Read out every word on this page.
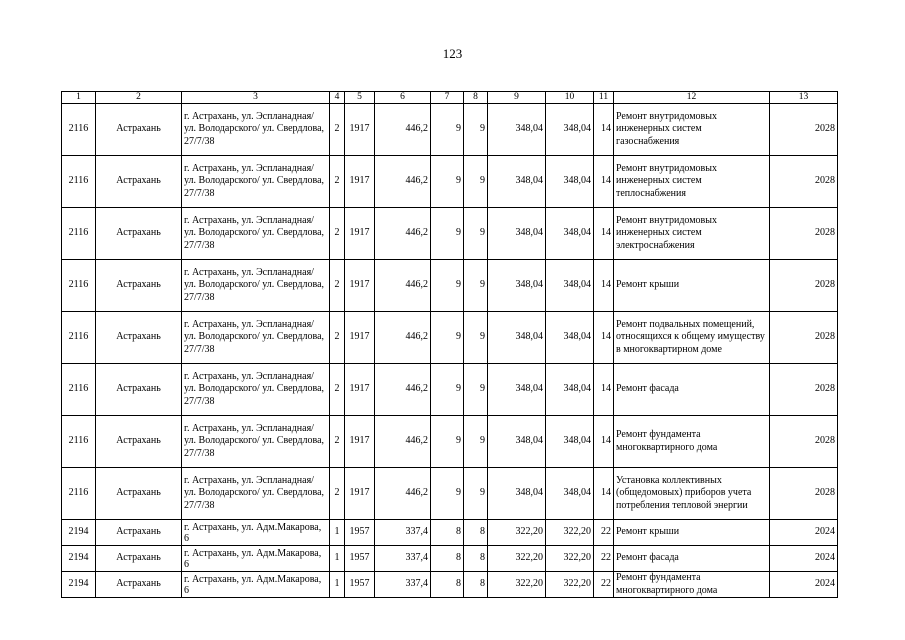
123
1	2	3	4	5	6	7	8	9	10	11	12	13
2116	Астрахань	г. Астрахань, ул. Эспланадная/ ул. Володарского/ ул. Свердлова, 27/7/38	2	1917	446,2	9	9	348,04	348,04	14	Ремонт внутридомовых инженерных систем газоснабжения	2028
2116	Астрахань	г. Астрахань, ул. Эспланадная/ ул. Володарского/ ул. Свердлова, 27/7/38	2	1917	446,2	9	9	348,04	348,04	14	Ремонт внутридомовых инженерных систем теплоснабжения	2028
2116	Астрахань	г. Астрахань, ул. Эспланадная/ ул. Володарского/ ул. Свердлова, 27/7/38	2	1917	446,2	9	9	348,04	348,04	14	Ремонт внутридомовых инженерных систем электроснабжения	2028
2116	Астрахань	г. Астрахань, ул. Эспланадная/ ул. Володарского/ ул. Свердлова, 27/7/38	2	1917	446,2	9	9	348,04	348,04	14	Ремонт крыши	2028
2116	Астрахань	г. Астрахань, ул. Эспланадная/ ул. Володарского/ ул. Свердлова, 27/7/38	2	1917	446,2	9	9	348,04	348,04	14	Ремонт подвальных помещений, относящихся к общему имуществу в многоквартирном доме	2028
2116	Астрахань	г. Астрахань, ул. Эспланадная/ ул. Володарского/ ул. Свердлова, 27/7/38	2	1917	446,2	9	9	348,04	348,04	14	Ремонт фасада	2028
2116	Астрахань	г. Астрахань, ул. Эспланадная/ ул. Володарского/ ул. Свердлова, 27/7/38	2	1917	446,2	9	9	348,04	348,04	14	Ремонт фундамента многоквартирного дома	2028
2116	Астрахань	г. Астрахань, ул. Эспланадная/ ул. Володарского/ ул. Свердлова, 27/7/38	2	1917	446,2	9	9	348,04	348,04	14	Установка коллективных (общедомовых) приборов учета потребления тепловой энергии	2028
2194	Астрахань	г. Астрахань, ул. Адм.Макарова, 6	1	1957	337,4	8	8	322,20	322,20	22	Ремонт крыши	2024
2194	Астрахань	г. Астрахань, ул. Адм.Макарова, 6	1	1957	337,4	8	8	322,20	322,20	22	Ремонт фасада	2024
2194	Астрахань	г. Астрахань, ул. Адм.Макарова, 6	1	1957	337,4	8	8	322,20	322,20	22	Ремонт фундамента многоквартирного дома	2024
